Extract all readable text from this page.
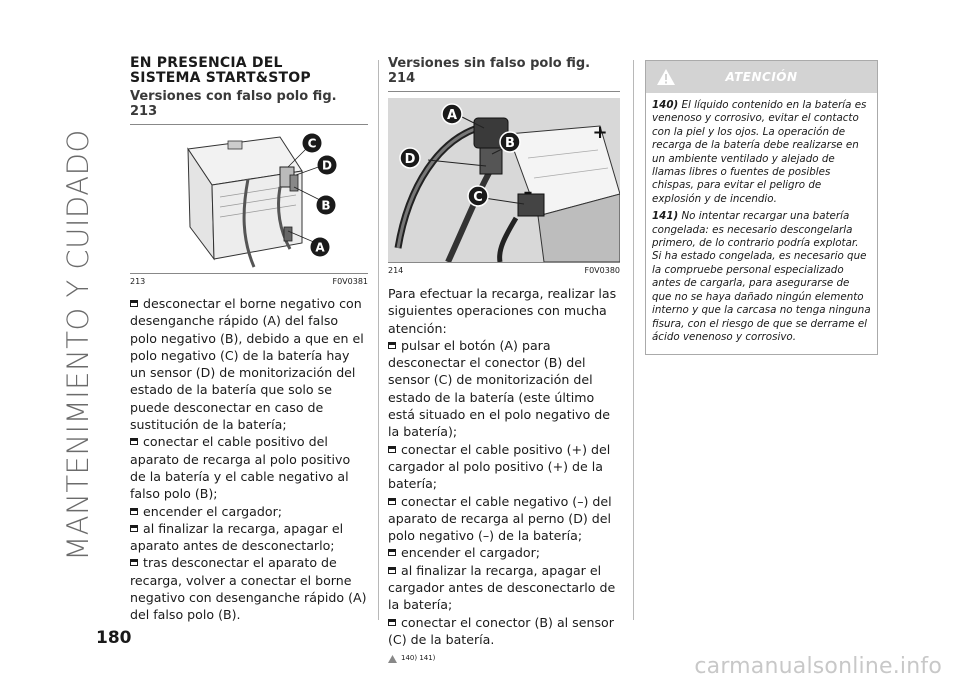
MANTENIMIENTO Y CUIDADO
180
EN PRESENCIA DEL
SISTEMA START&STOP
Versiones con falso polo fig. 213
C
D
B
A
213	F0V0381

desconectar el borne negativo con desenganche rápido (A) del falso polo negativo (B), debido a que en el polo negativo (C) de la batería hay un sensor (D) de monitorización del estado de la batería que solo se puede desconectar en caso de sustitución de la batería;

conectar el cable positivo del aparato de recarga al polo positivo de la batería y el cable negativo al falso polo (B);

encender el cargador;

al finalizar la recarga, apagar el aparato antes de desconectarlo;

tras desconectar el aparato de recarga, volver a conectar el borne negativo con desenganche rápido (A) del falso polo (B).

Versiones sin falso polo fig. 214
+
–
A
B
D
C
214	F0V0380

Para efectuar la recarga, realizar las siguientes operaciones con mucha atención:

pulsar el botón (A) para desconectar el conector (B) del sensor (C) de monitorización del estado de la batería (este último está situado en el polo negativo de la batería);

conectar el cable positivo (+) del cargador al polo positivo (+) de la batería;

conectar el cable negativo (–) del aparato de recarga al perno (D) del polo negativo (–) de la batería;

encender el cargador;

al finalizar la recarga, apagar el cargador antes de desconectarlo de la batería;

conectar el conector (B) al sensor (C) de la batería.

140) 141)
ATENCIÓN

140) El líquido contenido en la batería es venenoso y corrosivo, evitar el contacto con la piel y los ojos. La operación de recarga de la batería debe realizarse en un ambiente ventilado y alejado de llamas libres o fuentes de posibles chispas, para evitar el peligro de explosión y de incendio.

141) No intentar recargar una batería congelada: es necesario descongelarla primero, de lo contrario podría explotar. Si ha estado congelada, es necesario que la compruebe personal especializado antes de cargarla, para asegurarse de que no se haya dañado ningún elemento interno y que la carcasa no tenga ninguna fisura, con el riesgo de que se derrame el ácido venenoso y corrosivo.

carmanualsonline.info
